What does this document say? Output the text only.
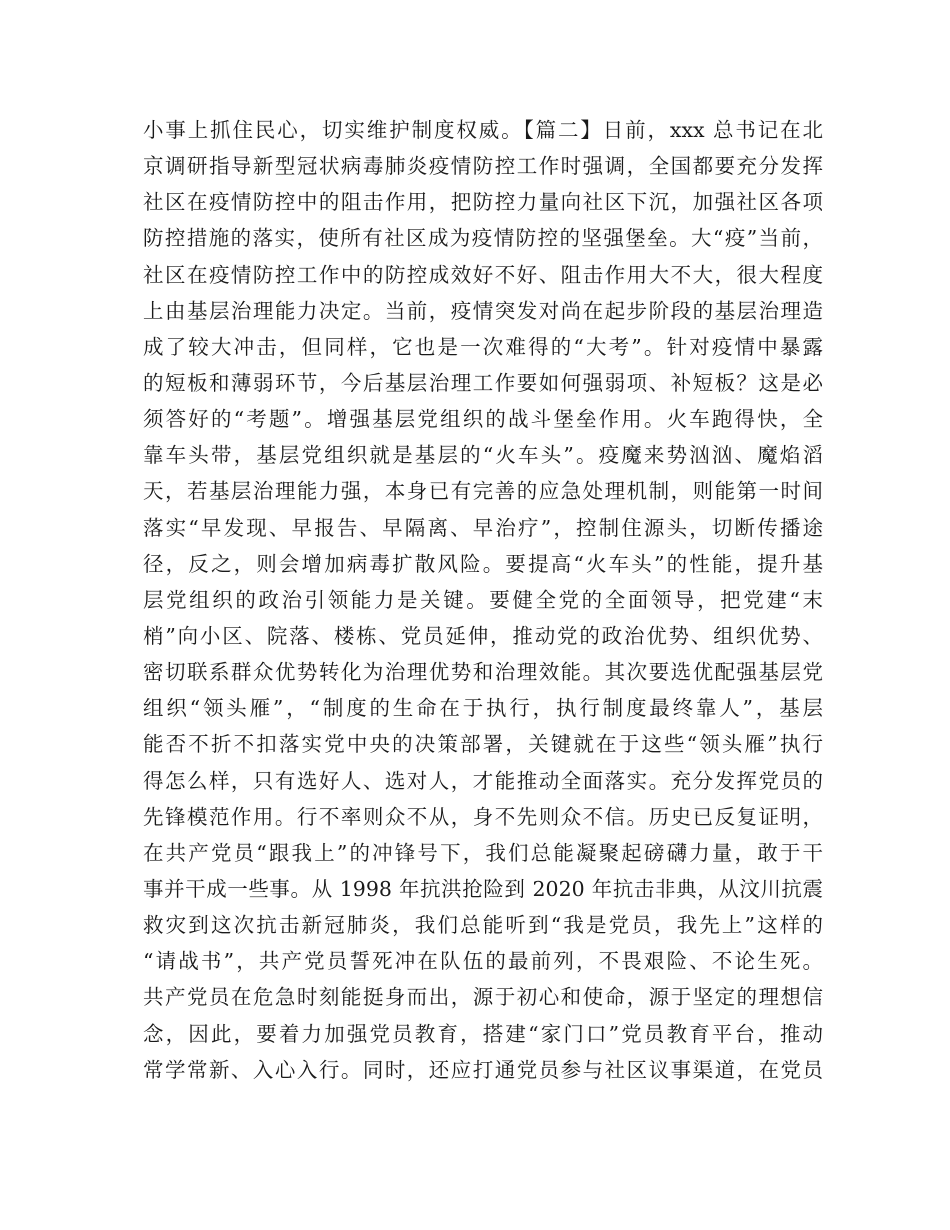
小事上抓住民心，切实维护制度权威。【篇二】日前，xxx 总书记在北
京调研指导新型冠状病毒肺炎疫情防控工作时强调，全国都要充分发挥
社区在疫情防控中的阻击作用，把防控力量向社区下沉，加强社区各项
防控措施的落实，使所有社区成为疫情防控的坚强堡垒。大“疫”当前，
社区在疫情防控工作中的防控成效好不好、阻击作用大不大，很大程度
上由基层治理能力决定。当前，疫情突发对尚在起步阶段的基层治理造
成了较大冲击，但同样，它也是一次难得的“大考”。针对疫情中暴露
的短板和薄弱环节，今后基层治理工作要如何强弱项、补短板？这是必
须答好的“考题”。增强基层党组织的战斗堡垒作用。火车跑得快，全
靠车头带，基层党组织就是基层的“火车头”。疫魔来势汹汹、魔焰滔
天，若基层治理能力强，本身已有完善的应急处理机制，则能第一时间
落实“早发现、早报告、早隔离、早治疗”，控制住源头，切断传播途
径，反之，则会增加病毒扩散风险。要提高“火车头”的性能，提升基
层党组织的政治引领能力是关键。要健全党的全面领导，把党建“末
梢”向小区、院落、楼栋、党员延伸，推动党的政治优势、组织优势、
密切联系群众优势转化为治理优势和治理效能。其次要选优配强基层党
组织“领头雁”，“制度的生命在于执行，执行制度最终靠人”，基层
能否不折不扣落实党中央的决策部署，关键就在于这些“领头雁”执行
得怎么样，只有选好人、选对人，才能推动全面落实。充分发挥党员的
先锋模范作用。行不率则众不从，身不先则众不信。历史已反复证明，
在共产党员“跟我上”的冲锋号下，我们总能凝聚起磅礴力量，敢于干
事并干成一些事。从 1998 年抗洪抢险到 2020 年抗击非典，从汶川抗震
救灾到这次抗击新冠肺炎，我们总能听到“我是党员，我先上”这样的
“请战书”，共产党员誓死冲在队伍的最前列，不畏艰险、不论生死。
共产党员在危急时刻能挺身而出，源于初心和使命，源于坚定的理想信
念，因此，要着力加强党员教育，搭建“家门口”党员教育平台，推动
常学常新、入心入行。同时，还应打通党员参与社区议事渠道，在党员
